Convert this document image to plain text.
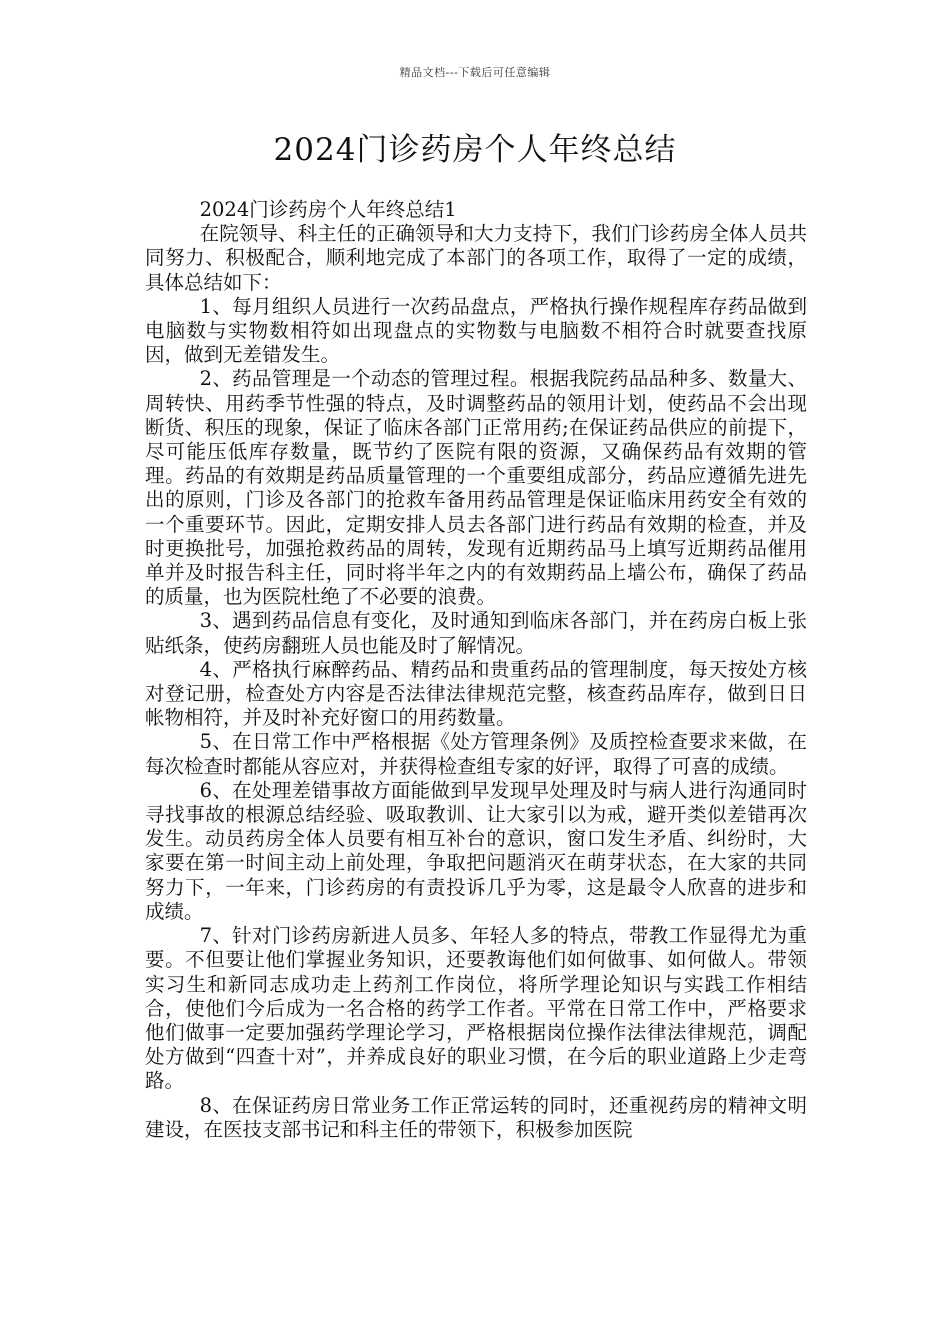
精品文档---下载后可任意编辑
2024门诊药房个人年终总结

2024门诊药房个人年终总结1

在院领导、科主任的正确领导和大力支持下，我们门诊药房全体人员共同努力、积极配合，顺利地完成了本部门的各项工作，取得了一定的成绩，具体总结如下：

1、每月组织人员进行一次药品盘点，严格执行操作规程库存药品做到电脑数与实物数相符如出现盘点的实物数与电脑数不相符合时就要查找原因，做到无差错发生。

2、药品管理是一个动态的管理过程。根据我院药品品种多、数量大、周转快、用药季节性强的特点，及时调整药品的领用计划，使药品不会出现断货、积压的现象，保证了临床各部门正常用药;在保证药品供应的前提下，尽可能压低库存数量，既节约了医院有限的资源，又确保药品有效期的管理。药品的有效期是药品质量管理的一个重要组成部分，药品应遵循先进先出的原则，门诊及各部门的抢救车备用药品管理是保证临床用药安全有效的一个重要环节。因此，定期安排人员去各部门进行药品有效期的检查，并及时更换批号，加强抢救药品的周转，发现有近期药品马上填写近期药品催用单并及时报告科主任，同时将半年之内的有效期药品上墙公布，确保了药品的质量，也为医院杜绝了不必要的浪费。

3、遇到药品信息有变化，及时通知到临床各部门，并在药房白板上张贴纸条，使药房翻班人员也能及时了解情况。

4、严格执行麻醉药品、精药品和贵重药品的管理制度，每天按处方核对登记册，检查处方内容是否法律法律规范完整，核查药品库存，做到日日帐物相符，并及时补充好窗口的用药数量。

5、在日常工作中严格根据《处方管理条例》及质控检查要求来做，在每次检查时都能从容应对，并获得检查组专家的好评，取得了可喜的成绩。

6、在处理差错事故方面能做到早发现早处理及时与病人进行沟通同时寻找事故的根源总结经验、吸取教训、让大家引以为戒，避开类似差错再次发生。动员药房全体人员要有相互补台的意识，窗口发生矛盾、纠纷时，大家要在第一时间主动上前处理，争取把问题消灭在萌芽状态，在大家的共同努力下，一年来，门诊药房的有责投诉几乎为零，这是最令人欣喜的进步和成绩。

7、针对门诊药房新进人员多、年轻人多的特点，带教工作显得尤为重要。不但要让他们掌握业务知识，还要教诲他们如何做事、如何做人。带领实习生和新同志成功走上药剂工作岗位，将所学理论知识与实践工作相结合，使他们今后成为一名合格的药学工作者。平常在日常工作中，严格要求他们做事一定要加强药学理论学习，严格根据岗位操作法律法律规范，调配处方做到“四查十对”，并养成良好的职业习惯，在今后的职业道路上少走弯路。

8、在保证药房日常业务工作正常运转的同时，还重视药房的精神文明建设，在医技支部书记和科主任的带领下，积极参加医院
